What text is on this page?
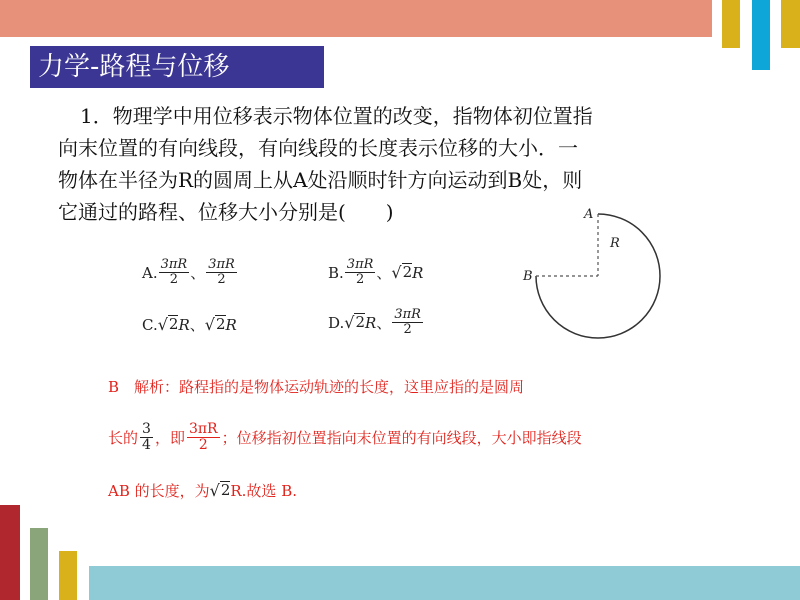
力学-路程与位移
1．物理学中用位移表示物体位置的改变，指物体初位置指
向末位置的有向线段，有向线段的长度表示位移的大小．一
物体在半径为R的圆周上从A处沿顺时针方向运动到B处，则
它通过的路程、位移大小分别是(　　)
A. $\frac{3\pi R}{2}$ 、 $\frac{3\pi R}{2}$	B. $\frac{3\pi R}{2}$ 、 √ 2 R
C. √ 2 R 、 √ 2 R	D. √ 2 R 、 $\frac{3\pi R}{2}$
A
B
R
B　解析：路程指的是物体运动轨迹的长度，这里应指的是圆周
长的 $\frac{3}{4}$ ，即 $\frac{3\pi R}{2}$ ；位移指初位置指向末位置的有向线段，大小即指线段
AB 的长度，为 √ 2 R.故选 B.
